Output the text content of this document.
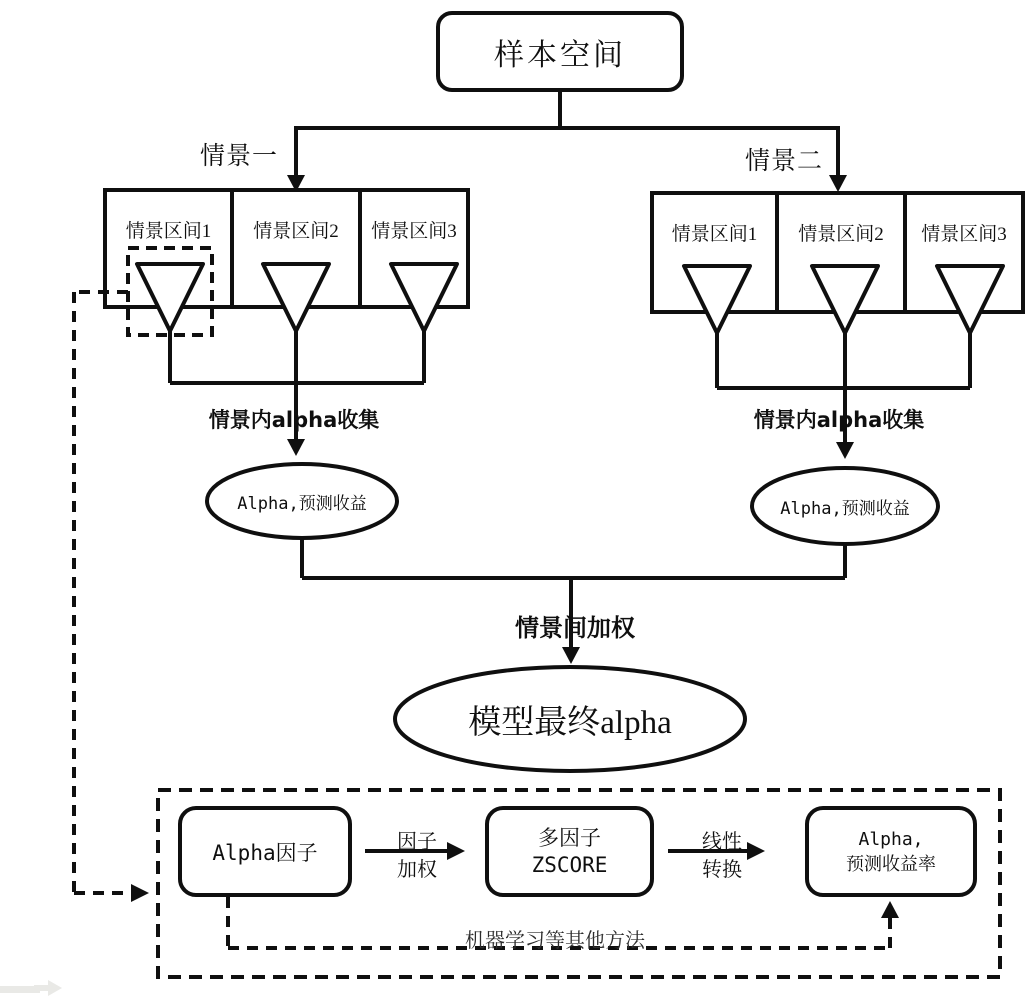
样本空间
情景一	情景二
情景区间1	情景区间2	情景区间3	情景区间1	情景区间2	情景区间3
情景内alpha收集	情景内alpha收集
Alpha,预测收益	Alpha,预测收益
情景间加权
模型最终alpha
Alpha因子	因子
加权
多因子
ZSCORE
线性
转换
Alpha,
预测收益率
机器学习等其他方法
